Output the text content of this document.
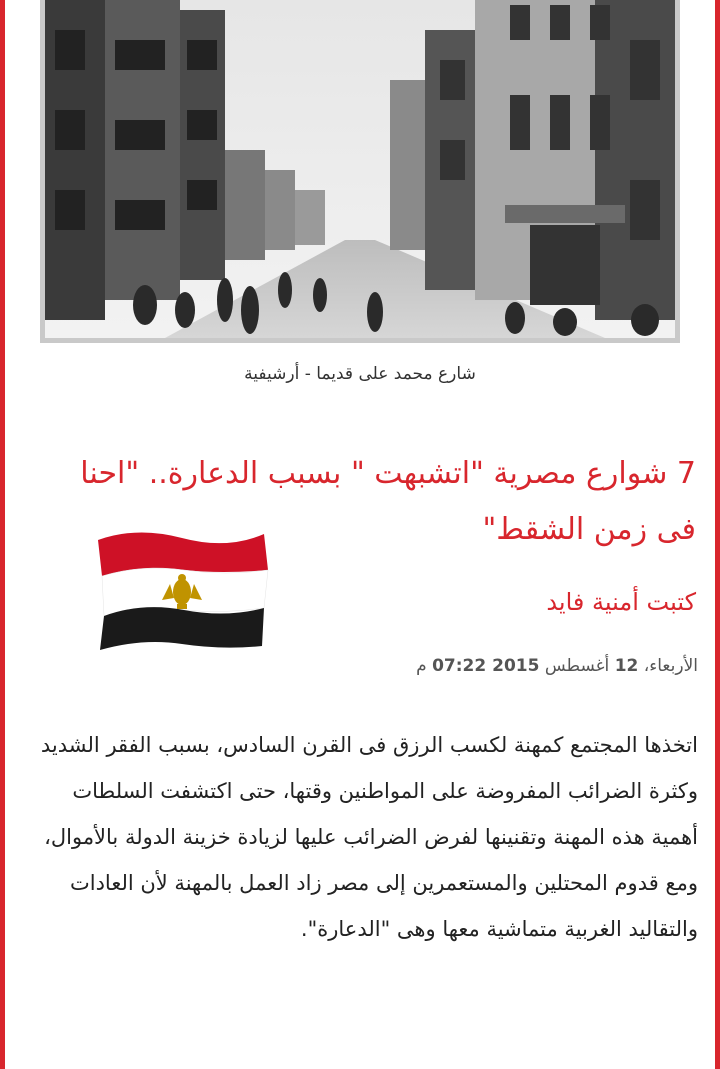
شارع محمد على قديما - أرشيفية
7 شوارع مصرية "اتشبهت " بسبب الدعارة.. "احنا فى زمن الشقط"
كتبت أمنية فايد
الأربعاء، 12 أغسطس 2015 07:22 م

اتخذها المجتمع كمهنة لكسب الرزق فى القرن السادس، بسبب الفقر الشديد وكثرة الضرائب المفروضة على المواطنين وقتها، حتى اكتشفت السلطات أهمية هذه المهنة وتقنينها لفرض الضرائب عليها لزيادة خزينة الدولة بالأموال، ومع قدوم المحتلين والمستعمرين إلى مصر زاد العمل بالمهنة لأن العادات والتقاليد الغربية متماشية معها وهى "الدعارة".
